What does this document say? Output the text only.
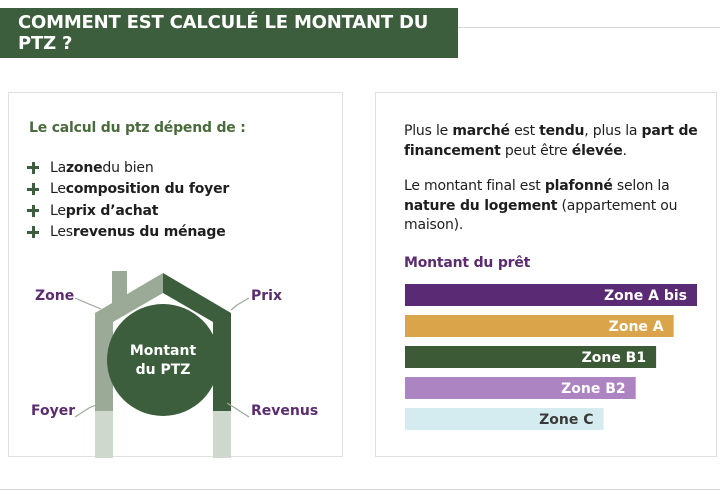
COMMENT EST CALCULÉ LE MONTANT DU PTZ ?
Le calcul du ptz dépend de :
La zone du bien
Le composition du foyer
Le prix d’achat
Les revenus du ménage
Montant
du PTZ
Zone	Prix
Foyer	Revenus
Plus le marché est tendu, plus la part de financement peut être élevée.
Le montant final est plafonné selon la nature du logement (appartement ou maison).
Montant du prêt
Zone A bis
Zone A
Zone B1
Zone B2
Zone C
